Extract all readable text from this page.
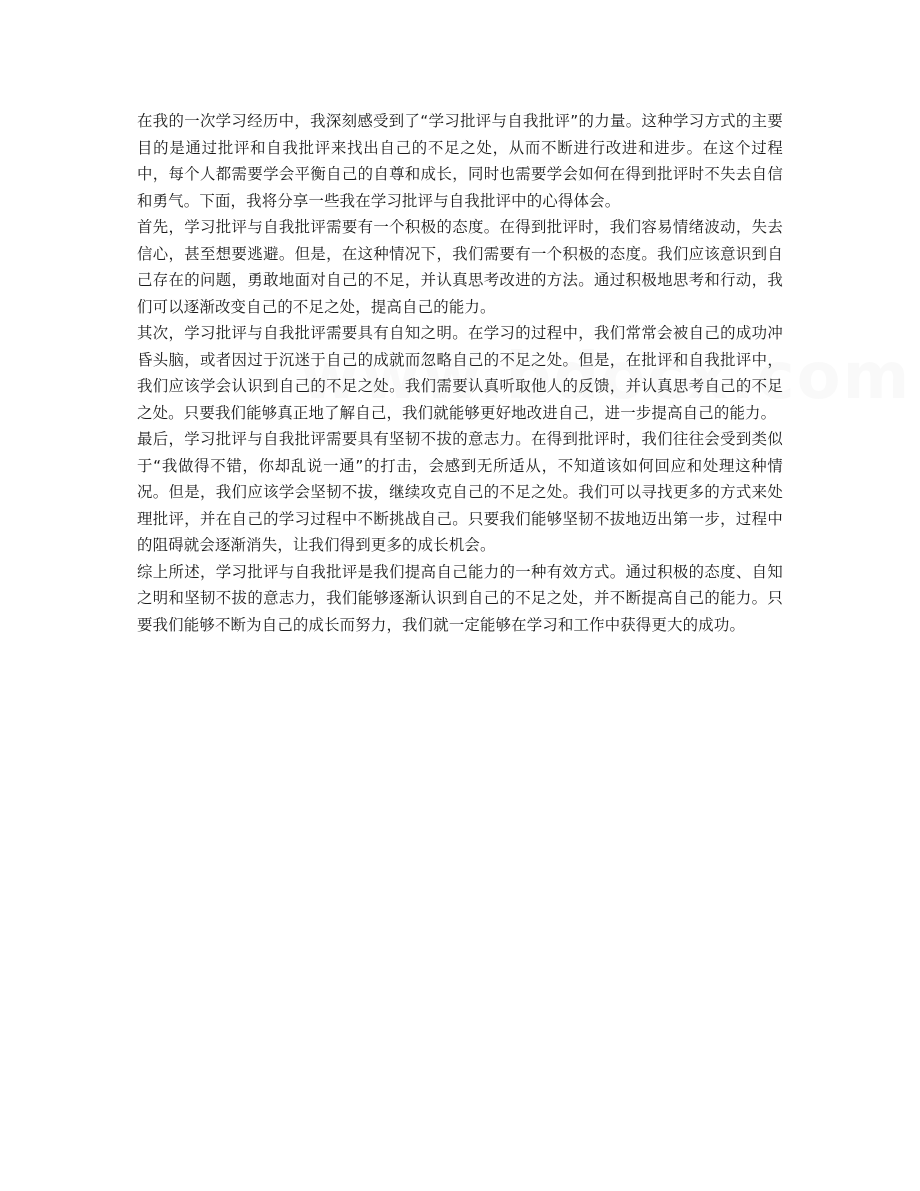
在我的一次学习经历中，我深刻感受到了“学习批评与自我批评”的力量。这种学习方式的主要目的是通过批评和自我批评来找出自己的不足之处，从而不断进行改进和进步。在这个过程中，每个人都需要学会平衡自己的自尊和成长，同时也需要学会如何在得到批评时不失去自信和勇气。下面，我将分享一些我在学习批评与自我批评中的心得体会。

首先，学习批评与自我批评需要有一个积极的态度。在得到批评时，我们容易情绪波动，失去信心，甚至想要逃避。但是，在这种情况下，我们需要有一个积极的态度。我们应该意识到自己存在的问题，勇敢地面对自己的不足，并认真思考改进的方法。通过积极地思考和行动，我们可以逐渐改变自己的不足之处，提高自己的能力。

其次，学习批评与自我批评需要具有自知之明。在学习的过程中，我们常常会被自己的成功冲昏头脑，或者因过于沉迷于自己的成就而忽略自己的不足之处。但是，在批评和自我批评中，我们应该学会认识到自己的不足之处。我们需要认真听取他人的反馈，并认真思考自己的不足之处。只要我们能够真正地了解自己，我们就能够更好地改进自己，进一步提高自己的能力。

最后，学习批评与自我批评需要具有坚韧不拔的意志力。在得到批评时，我们往往会受到类似于“我做得不错，你却乱说一通”的打击，会感到无所适从，不知道该如何回应和处理这种情况。但是，我们应该学会坚韧不拔，继续攻克自己的不足之处。我们可以寻找更多的方式来处理批评，并在自己的学习过程中不断挑战自己。只要我们能够坚韧不拔地迈出第一步，过程中的阻碍就会逐渐消失，让我们得到更多的成长机会。

综上所述，学习批评与自我批评是我们提高自己能力的一种有效方式。通过积极的态度、自知之明和坚韧不拔的意志力，我们能够逐渐认识到自己的不足之处，并不断提高自己的能力。只要我们能够不断为自己的成长而努力，我们就一定能够在学习和工作中获得更大的成功。
